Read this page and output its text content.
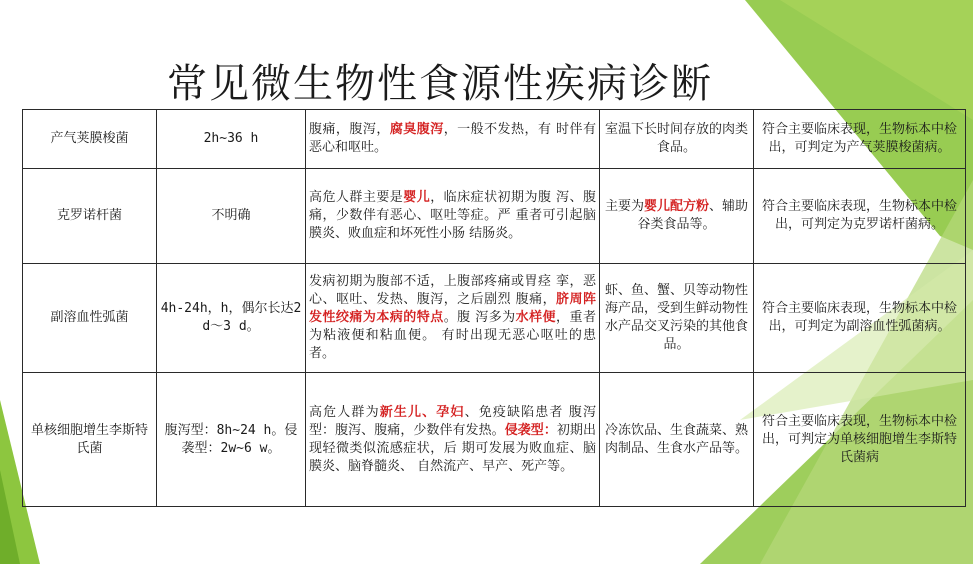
常见微生物性食源性疾病诊断
产气荚膜梭菌	2h~36 h	腹痛，腹泻，腐臭腹泻，一般不发热，有 时伴有恶心和呕吐。	室温下长时间存放的肉类食品。	符合主要临床表现，生物标本中检出，可判定为产气荚膜梭菌病。
克罗诺杆菌	不明确	高危人群主要是婴儿，临床症状初期为腹 泻、腹痛，少数伴有恶心、呕吐等症。严 重者可引起脑膜炎、败血症和坏死性小肠 结肠炎。	主要为婴儿配方粉、辅助谷类食品等。	符合主要临床表现，生物标本中检出，可判定为克罗诺杆菌病。
副溶血性弧菌	4h-24h，h，偶尔长达2 d～3 d。	发病初期为腹部不适，上腹部疼痛或胃痉 挛，恶心、呕吐、发热、腹泻，之后剧烈 腹痛，脐周阵发性绞痛为本病的特点。腹 泻多为水样便，重者为粘液便和粘血便。 有时出现无恶心呕吐的患者。	虾、鱼、蟹、贝等动物性海产品，受到生鲜动物性水产品交叉污染的其他食品。	符合主要临床表现，生物标本中检出，可判定为副溶血性弧菌病。
单核细胞增生李斯特氏菌	腹泻型：8h~24 h。侵袭型：2w~6 w。	高危人群为新生儿、孕妇、免疫缺陷患者 腹泻型：腹泻、腹痛，少数伴有发热。侵袭型：初期出现轻微类似流感症状，后 期可发展为败血症、脑膜炎、脑脊髓炎、 自然流产、早产、死产等。	冷冻饮品、生食蔬菜、熟肉制品、生食水产品等。	符合主要临床表现，生物标本中检出，可判定为单核细胞增生李斯特氏菌病
